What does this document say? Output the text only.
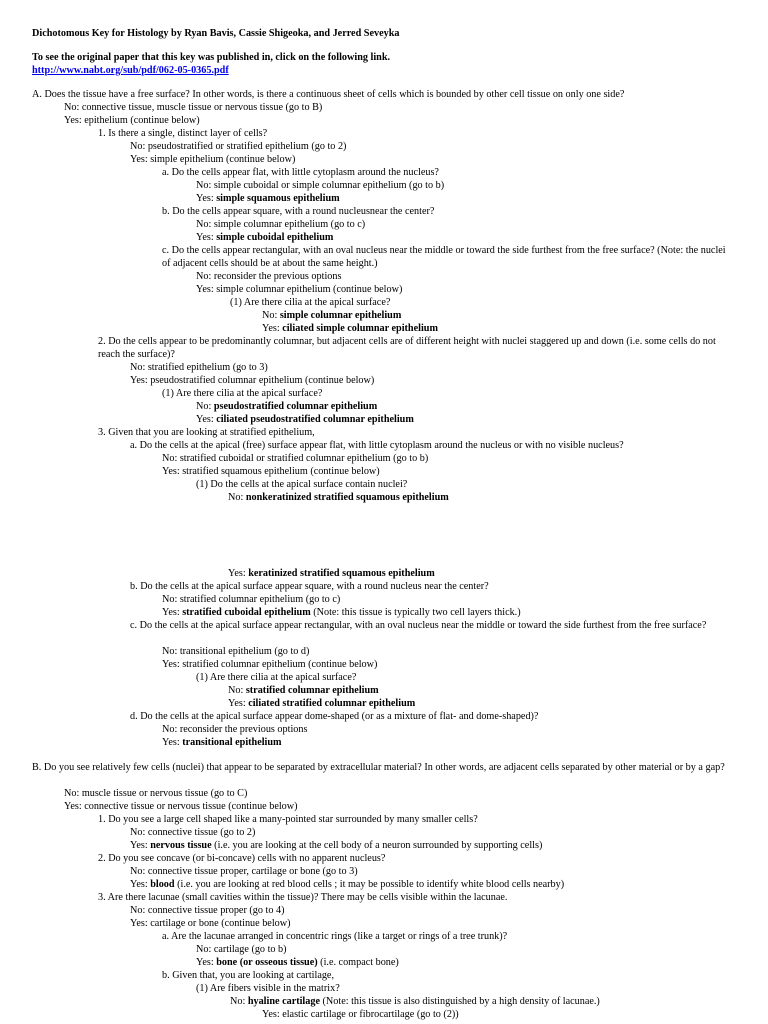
Dichotomous Key for Histology by Ryan Bavis, Cassie Shigeoka, and Jerred Seveyka
To see the original paper that this key was published in, click on the following link.
http://www.nabt.org/sub/pdf/062-05-0365.pdf
A. Does the tissue have a free surface? In other words, is there a continuous sheet of cells which is bounded by other cell tissue on only one side?
No: connective tissue, muscle tissue or nervous tissue (go to B)
Yes: epithelium (continue below)
1. Is there a single, distinct layer of cells?
No: pseudostratified or stratified epithelium (go to 2)
Yes: simple epithelium (continue below)
a. Do the cells appear flat, with little cytoplasm around the nucleus?
No: simple cuboidal or simple columnar epithelium (go to b)
Yes: simple squamous epithelium
b. Do the cells appear square, with a round nucleusnear the center?
No: simple columnar epithelium (go to c)
Yes: simple cuboidal epithelium
c. Do the cells appear rectangular, with an oval nucleus near the middle or toward the side furthest from the free surface? (Note: the nuclei of adjacent cells should be at about the same height.)
No: reconsider the previous options
Yes: simple columnar epithelium (continue below)
(1) Are there cilia at the apical surface?
No: simple columnar epithelium
Yes: ciliated simple columnar epithelium
2. Do the cells appear to be predominantly columnar, but adjacent cells are of different height with nuclei staggered up and down (i.e. some cells do not reach the surface)?
No: stratified epithelium (go to 3)
Yes: pseudostratified columnar epithelium (continue below)
(1) Are there cilia at the apical surface?
No: pseudostratified columnar epithelium
Yes: ciliated pseudostratified columnar epithelium
3. Given that you are looking at stratified epithelium,
a. Do the cells at the apical (free) surface appear flat, with little cytoplasm around the nucleus or with no visible nucleus?
No: stratified cuboidal or stratified columnar epithelium (go to b)
Yes: stratified squamous epithelium (continue below)
(1) Do the cells at the apical surface contain nuclei?
No: nonkeratinized stratified squamous epithelium
Yes: keratinized stratified squamous epithelium
b. Do the cells at the apical surface appear square, with a round nucleus near the center?
No: stratified columnar epithelium (go to c)
Yes: stratified cuboidal epithelium (Note: this tissue is typically two cell layers thick.)
c. Do the cells at the apical surface appear rectangular, with an oval nucleus near the middle or toward the side furthest from the free surface?
No: transitional epithelium (go to d)
Yes: stratified columnar epithelium (continue below)
(1) Are there cilia at the apical surface?
No: stratified columnar epithelium
Yes: ciliated stratified columnar epithelium
d. Do the cells at the apical surface appear dome-shaped (or as a mixture of flat- and dome-shaped)?
No: reconsider the previous options
Yes: transitional epithelium
B. Do you see relatively few cells (nuclei) that appear to be separated by extracellular material? In other words, are adjacent cells separated by other material or by a gap?
No: muscle tissue or nervous tissue (go to C)
Yes: connective tissue or nervous tissue (continue below)
1. Do you see a large cell shaped like a many-pointed star surrounded by many smaller cells?
No: connective tissue (go to 2)
Yes: nervous tissue (i.e. you are looking at the cell body of a neuron surrounded by supporting cells)
2. Do you see concave (or bi-concave) cells with no apparent nucleus?
No: connective tissue proper, cartilage or bone (go to 3)
Yes: blood (i.e. you are looking at red blood cells ; it may be possible to identify white blood cells nearby)
3. Are there lacunae (small cavities within the tissue)? There may be cells visible within the lacunae.
No: connective tissue proper (go to 4)
Yes: cartilage or bone (continue below)
a. Are the lacunae arranged in concentric rings (like a target or rings of a tree trunk)?
No: cartilage (go to b)
Yes: bone (or osseous tissue) (i.e. compact bone)
b. Given that, you are looking at cartilage,
(1) Are fibers visible in the matrix?
No: hyaline cartilage (Note: this tissue is also distinguished by a high density of lacunae.)
Yes: elastic cartilage or fibrocartilage (go to (2))
